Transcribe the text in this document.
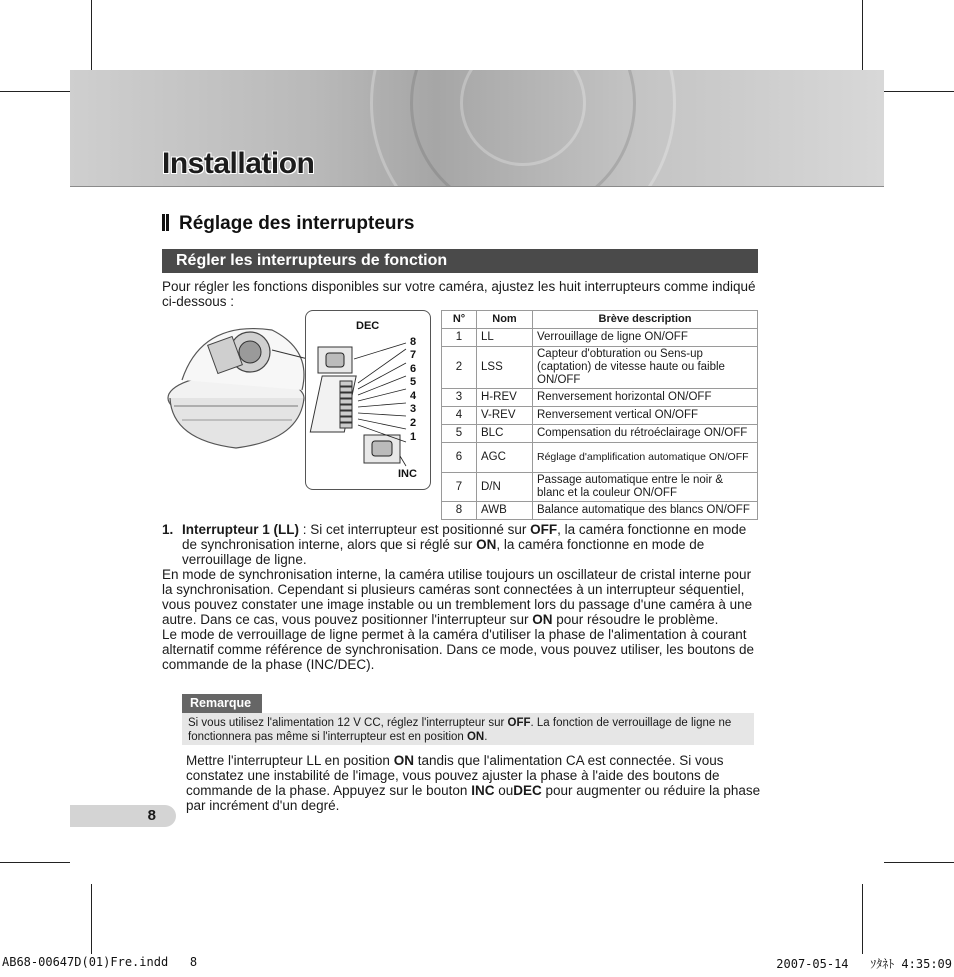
Installation
Réglage des interrupteurs
Régler les interrupteurs de fonction

Pour régler les fonctions disponibles sur votre caméra, ajustez les huit interrupteurs comme indiqué ci-dessous :

DEC
8
7
6
5
4
3
2
1
INC
N°	Nom	Brève description
1	LL	Verrouillage de ligne ON/OFF
2	LSS	Capteur d'obturation ou Sens-up (captation) de vitesse haute ou faible ON/OFF
3	H-REV	Renversement horizontal ON/OFF
4	V-REV	Renversement vertical ON/OFF
5	BLC	Compensation du rétroéclairage ON/OFF
6	AGC	Réglage d'amplification automatique ON/OFF
7	D/N	Passage automatique entre le noir & blanc et la couleur ON/OFF
8	AWB	Balance automatique des blancs ON/OFF
1. Interrupteur 1 (LL) : Si cet interrupteur est positionné sur OFF, la caméra fonctionne en mode de synchronisation interne, alors que si réglé sur ON, la caméra fonctionne en mode de verrouillage de ligne.

En mode de synchronisation interne, la caméra utilise toujours un oscillateur de cristal interne pour la synchronisation. Cependant si plusieurs caméras sont connectées à un interrupteur séquentiel, vous pouvez constater une image instable ou un tremblement lors du passage d'une caméra à une autre. Dans ce cas, vous pouvez positionner l'interrupteur sur ON pour résoudre le problème.

Le mode de verrouillage de ligne permet à la caméra d'utiliser la phase de l'alimentation à courant alternatif comme référence de synchronisation. Dans ce mode, vous pouvez utiliser, les boutons de commande de la phase (INC/DEC).

Remarque
Si vous utilisez l'alimentation 12 V CC, réglez l'interrupteur sur OFF. La fonction de verrouillage de ligne ne fonctionnera pas même si l'interrupteur est en position ON.

Mettre l'interrupteur LL en position ON tandis que l'alimentation CA est connectée. Si vous constatez une instabilité de l'image, vous pouvez ajuster la phase à l'aide des boutons de commande de la phase. Appuyez sur le bouton INC ouDEC pour augmenter ou réduire la phase par incrément d'un degré.

8
AB68-00647D(01)Fre.indd   8	2007-05-14   ｿﾀﾈﾄ 4:35:09
